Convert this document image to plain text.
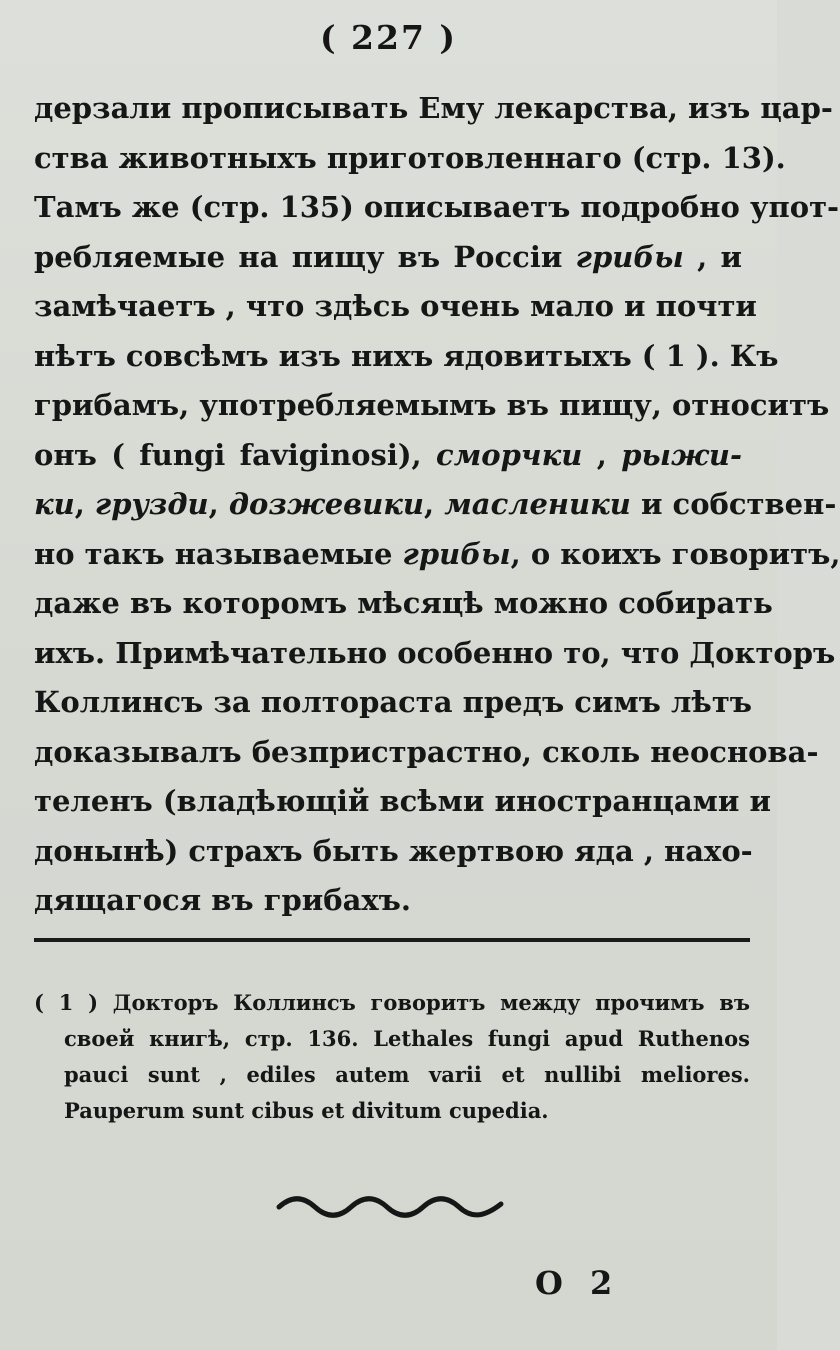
( 227 )
дерзали прописывать Ему лекарства, изъ цар-
ства животныхъ приготовленнаго (стр. 13).
Тамъ же (стр. 135) описываетъ подробно упот-
ребляемые на пищу въ Россіи грибы , и
замѣчаетъ , что здѣсь очень мало и почти
нѣтъ совсѣмъ изъ нихъ ядовитыхъ ( 1 ). Къ
грибамъ, употребляемымъ въ пищу, относитъ
онъ ( fungi faviginosi), сморчки , рыжи-
ки, грузди, дозжевики, масленики и собствен-
но такъ называемые грибы, о коихъ говоритъ,
даже въ которомъ мѣсяцѣ можно собирать
ихъ. Примѣчательно особенно то, что Докторъ
Коллинсъ за полтораста предъ симъ лѣтъ
доказывалъ безпристрастно, сколь неоснова-
теленъ (владѣющій всѣми иностранцами и
донынѣ) страхъ быть жертвою яда , нахо-
дящагося въ грибахъ.
( 1 ) Докторъ Коллинсъ говоритъ между прочимъ въ
своей книгѣ, стр. 136. Lethales fungi apud Ruthenos
pauci sunt , ediles autem varii et nullibi meliores.
Pauperum sunt cibus et divitum cupedia.
O 2
